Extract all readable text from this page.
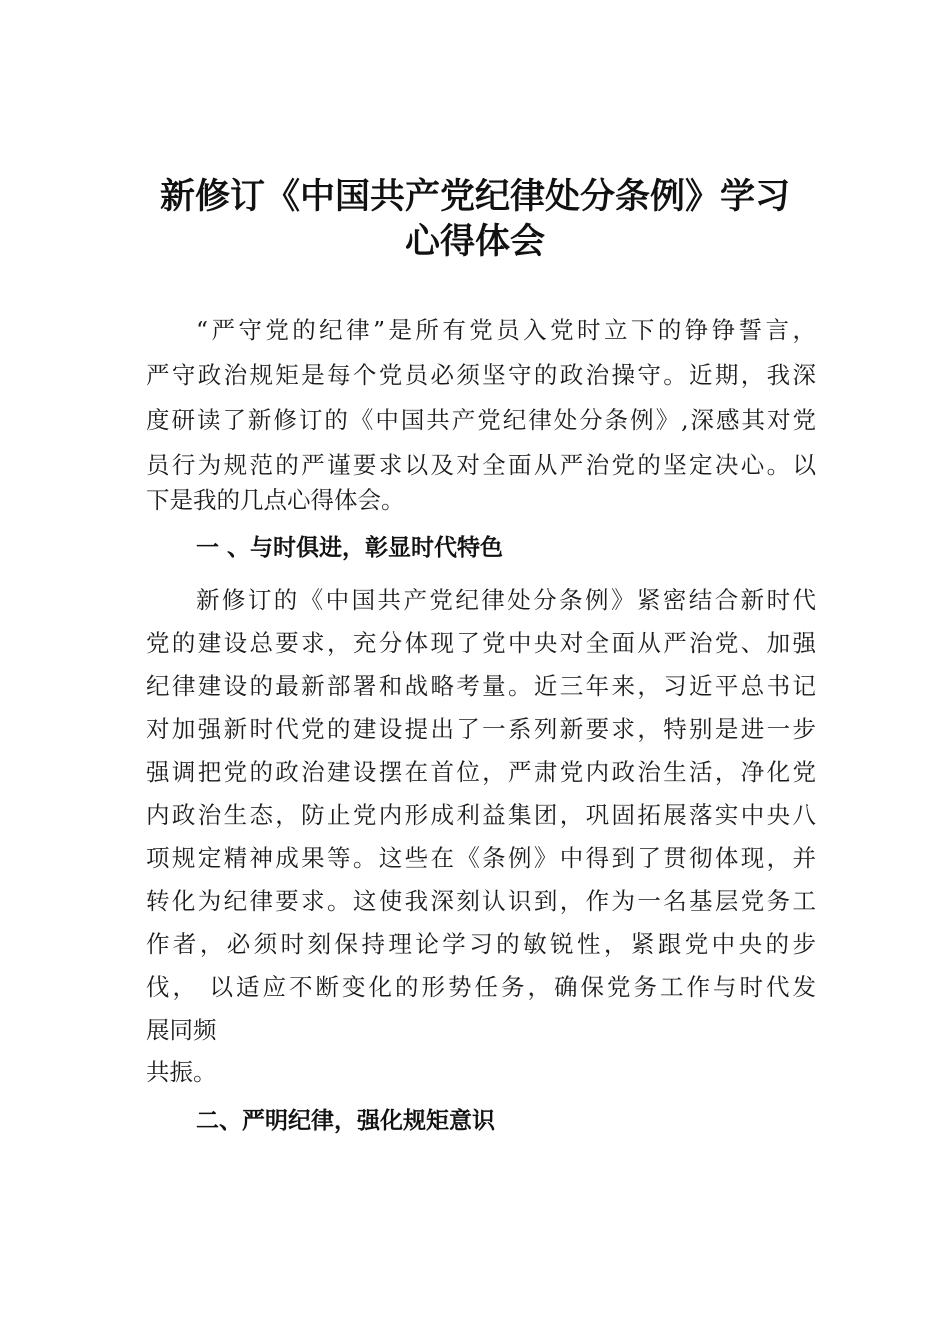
新修订《中国共产党纪律处分条例》学习
心得体会
“严守党的纪律”是所有党员入党时立下的铮铮誓言，
严守政治规矩是每个党员必须坚守的政治操守。近期，我深
度研读了新修订的《中国共产党纪律处分条例》,深感其对党
员行为规范的严谨要求以及对全面从严治党的坚定决心。以
下是我的几点心得体会。
一 、与时俱进，彰显时代特色
新修订的《中国共产党纪律处分条例》紧密结合新时代
党的建设总要求，充分体现了党中央对全面从严治党、加强
纪律建设的最新部署和战略考量。近三年来，习近平总书记
对加强新时代党的建设提出了一系列新要求，特别是进一步
强调把党的政治建设摆在首位，严肃党内政治生活，净化党
内政治生态，防止党内形成利益集团，巩固拓展落实中央八
项规定精神成果等。这些在《条例》中得到了贯彻体现，并
转化为纪律要求。这使我深刻认识到，作为一名基层党务工
作者，必须时刻保持理论学习的敏锐性，紧跟党中央的步
伐， 以适应不断变化的形势任务，确保党务工作与时代发
展同频
共振。
二、严明纪律，强化规矩意识
